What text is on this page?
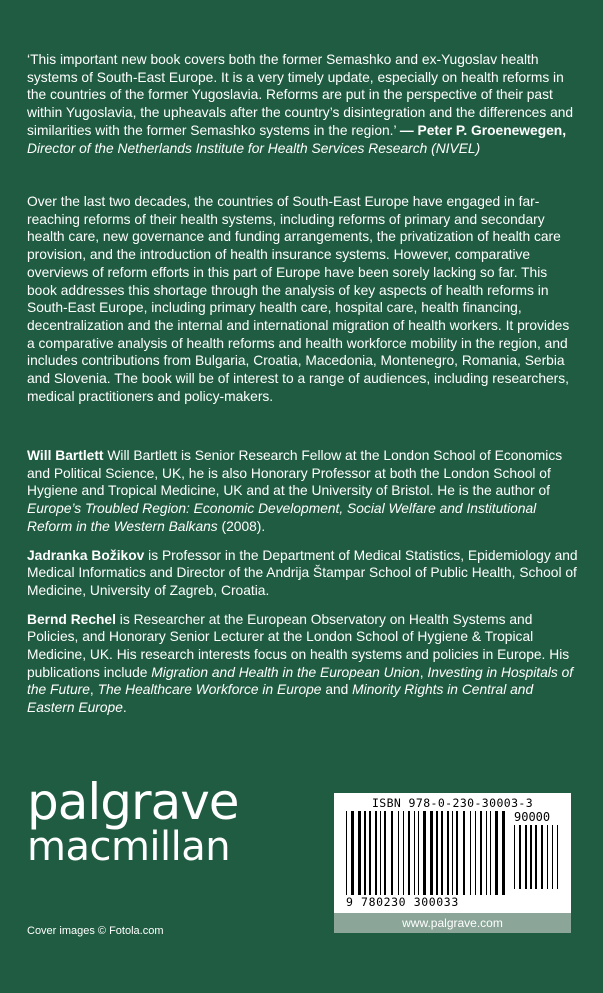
‘This important new book covers both the former Semashko and ex-Yugoslav health systems of South-East Europe. It is a very timely update, especially on health reforms in the countries of the former Yugoslavia. Reforms are put in the perspective of their past within Yugoslavia, the upheavals after the country’s disintegration and the differences and similarities with the former Semashko systems in the region.’ — Peter P. Groenewegen, Director of the Netherlands Institute for Health Services Research (NIVEL)
Over the last two decades, the countries of South-East Europe have engaged in far-reaching reforms of their health systems, including reforms of primary and secondary health care, new governance and funding arrangements, the privatization of health care provision, and the introduction of health insurance systems. However, comparative overviews of reform efforts in this part of Europe have been sorely lacking so far. This book addresses this shortage through the analysis of key aspects of health reforms in South-East Europe, including primary health care, hospital care, health financing, decentralization and the internal and international migration of health workers. It provides a comparative analysis of health reforms and health workforce mobility in the region, and includes contributions from Bulgaria, Croatia, Macedonia, Montenegro, Romania, Serbia and Slovenia. The book will be of interest to a range of audiences, including researchers, medical practitioners and policy-makers.

Will Bartlett Will Bartlett is Senior Research Fellow at the London School of Economics and Political Science, UK, he is also Honorary Professor at both the London School of Hygiene and Tropical Medicine, UK and at the University of Bristol. He is the author of Europe’s Troubled Region: Economic Development, Social Welfare and Institutional Reform in the Western Balkans (2008).

Jadranka Božikov is Professor in the Department of Medical Statistics, Epidemiology and Medical Informatics and Director of the Andrija Štampar School of Public Health, School of Medicine, University of Zagreb, Croatia.

Bernd Rechel is Researcher at the European Observatory on Health Systems and Policies, and Honorary Senior Lecturer at the London School of Hygiene & Tropical Medicine, UK. His research interests focus on health systems and policies in Europe. His publications include Migration and Health in the European Union, Investing in Hospitals of the Future, The Healthcare Workforce in Europe and Minority Rights in Central and Eastern Europe.

palgrave
macmillan
Cover images © Fotola.com
ISBN 978-0-230-30003-3
90000
9 780230 300033
www.palgrave.com
